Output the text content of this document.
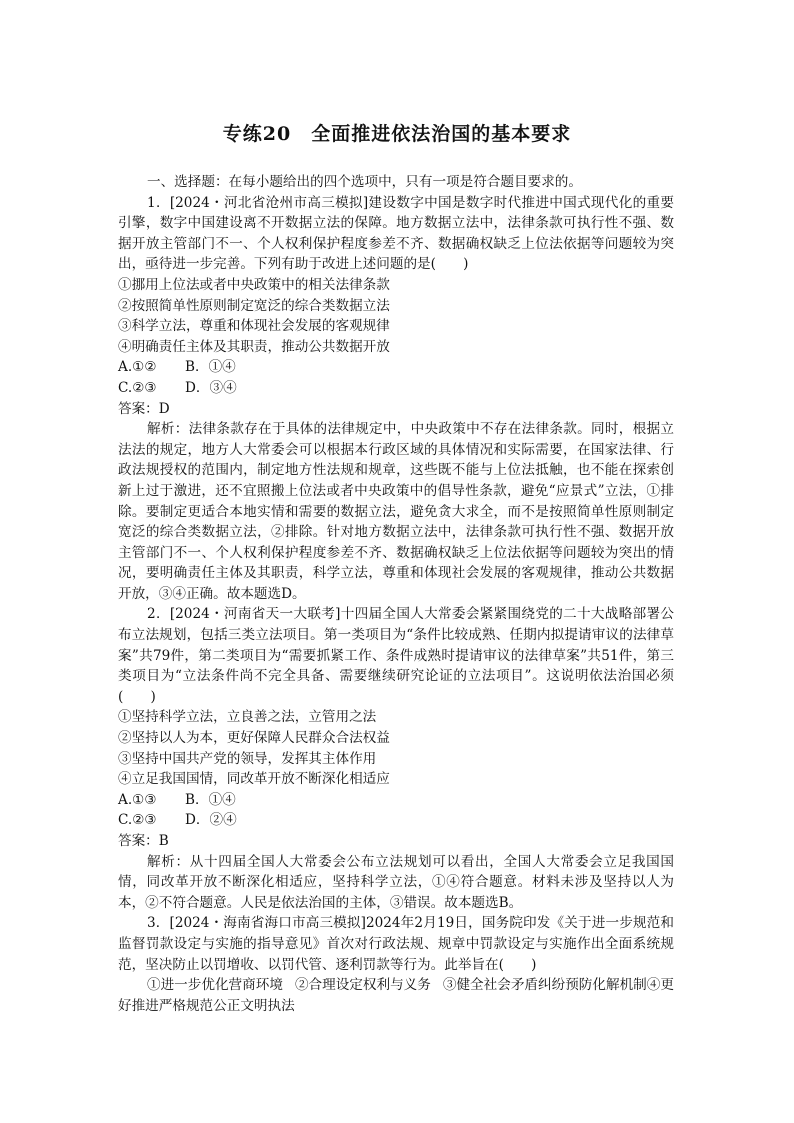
专练20　全面推进依法治国的基本要求

一、选择题：在每小题给出的四个选项中，只有一项是符合题目要求的。

1．[2024・河北省沧州市高三模拟]建设数字中国是数字时代推进中国式现代化的重要引擎，数字中国建设离不开数据立法的保障。地方数据立法中，法律条款可执行性不强、数据开放主管部门不一、个人权利保护程度参差不齐、数据确权缺乏上位法依据等问题较为突出，亟待进一步完善。下列有助于改进上述问题的是(　　)

①挪用上位法或者中央政策中的相关法律条款

②按照简单性原则制定宽泛的综合类数据立法

③科学立法，尊重和体现社会发展的客观规律

④明确责任主体及其职责，推动公共数据开放

A.①② B．①④

C.②③ D．③④

答案：D

解析：法律条款存在于具体的法律规定中，中央政策中不存在法律条款。同时，根据立法法的规定，地方人大常委会可以根据本行政区域的具体情况和实际需要，在国家法律、行政法规授权的范围内，制定地方性法规和规章，这些既不能与上位法抵触，也不能在探索创新上过于激进，还不宜照搬上位法或者中央政策中的倡导性条款，避免“应景式”立法，①排除。要制定更适合本地实情和需要的数据立法，避免贪大求全，而不是按照简单性原则制定宽泛的综合类数据立法，②排除。针对地方数据立法中，法律条款可执行性不强、数据开放主管部门不一、个人权利保护程度参差不齐、数据确权缺乏上位法依据等问题较为突出的情况，要明确责任主体及其职责，科学立法，尊重和体现社会发展的客观规律，推动公共数据开放，③④正确。故本题选D。

2．[2024・河南省天一大联考]十四届全国人大常委会紧紧围绕党的二十大战略部署公布立法规划，包括三类立法项目。第一类项目为“条件比较成熟、任期内拟提请审议的法律草案”共79件，第二类项目为“需要抓紧工作、条件成熟时提请审议的法律草案”共51件，第三类项目为“立法条件尚不完全具备、需要继续研究论证的立法项目”。这说明依法治国必须(　　)

①坚持科学立法，立良善之法，立管用之法

②坚持以人为本，更好保障人民群众合法权益

③坚持中国共产党的领导，发挥其主体作用

④立足我国国情，同改革开放不断深化相适应

A.①③ B．①④

C.②③ D．②④

答案：B

解析：从十四届全国人大常委会公布立法规划可以看出，全国人大常委会立足我国国情，同改革开放不断深化相适应，坚持科学立法，①④符合题意。材料未涉及坚持以人为本，②不符合题意。人民是依法治国的主体，③错误。故本题选B。

3．[2024・海南省海口市高三模拟]2024年2月19日，国务院印发《关于进一步规范和监督罚款设定与实施的指导意见》首次对行政法规、规章中罚款设定与实施作出全面系统规范，坚决防止以罚增收、以罚代管、逐利罚款等行为。此举旨在(　　)

①进一步优化营商环境 ②合理设定权利与义务 ③健全社会矛盾纠纷预防化解机制④更好推进严格规范公正文明执法
